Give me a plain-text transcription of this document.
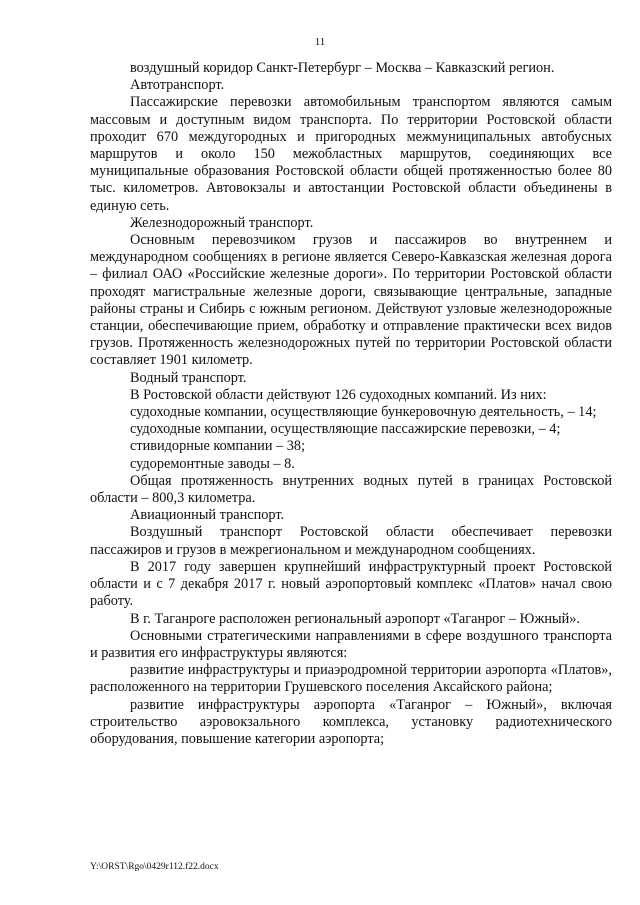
11

воздушный коридор Санкт-Петербург – Москва – Кавказский регион.

Автотранспорт.

Пассажирские перевозки автомобильным транспортом являются самым массовым и доступным видом транспорта. По территории Ростовской области проходит 670 междугородных и пригородных межмуниципальных автобусных маршрутов и около 150 межобластных маршрутов, соединяющих все муниципальные образования Ростовской области общей протяженностью более 80 тыс. километров. Автовокзалы и автостанции Ростовской области объединены в единую сеть.

Железнодорожный транспорт.

Основным перевозчиком грузов и пассажиров во внутреннем и международном сообщениях в регионе является Северо-Кавказская железная дорога – филиал ОАО «Российские железные дороги». По территории Ростовской области проходят магистральные железные дороги, связывающие центральные, западные районы страны и Сибирь с южным регионом. Действуют узловые железнодорожные станции, обеспечивающие прием, обработку и отправление практически всех видов грузов. Протяженность железнодорожных путей по территории Ростовской области составляет 1901 километр.

Водный транспорт.

В Ростовской области действуют 126 судоходных компаний. Из них:

судоходные компании, осуществляющие бункеровочную деятельность, – 14;

судоходные компании, осуществляющие пассажирские перевозки, – 4;

стивидорные компании – 38;

судоремонтные заводы – 8.

Общая протяженность внутренних водных путей в границах Ростовской области – 800,3 километра.

Авиационный транспорт.

Воздушный транспорт Ростовской области обеспечивает перевозки пассажиров и грузов в межрегиональном и международном сообщениях.

В 2017 году завершен крупнейший инфраструктурный проект Ростовской области и с 7 декабря 2017 г. новый аэропортовый комплекс «Платов» начал свою работу.

В г. Таганроге расположен региональный аэропорт «Таганрог – Южный».

Основными стратегическими направлениями в сфере воздушного транспорта и развития его инфраструктуры являются:

развитие инфраструктуры и приаэродромной территории аэропорта «Платов», расположенного на территории Грушевского поселения Аксайского района;

развитие инфраструктуры аэропорта «Таганрог – Южный», включая строительство аэровокзального комплекса, установку радиотехнического оборудования, повышение категории аэропорта;

Y:\ORST\Rgo\0429r112.f22.docx
